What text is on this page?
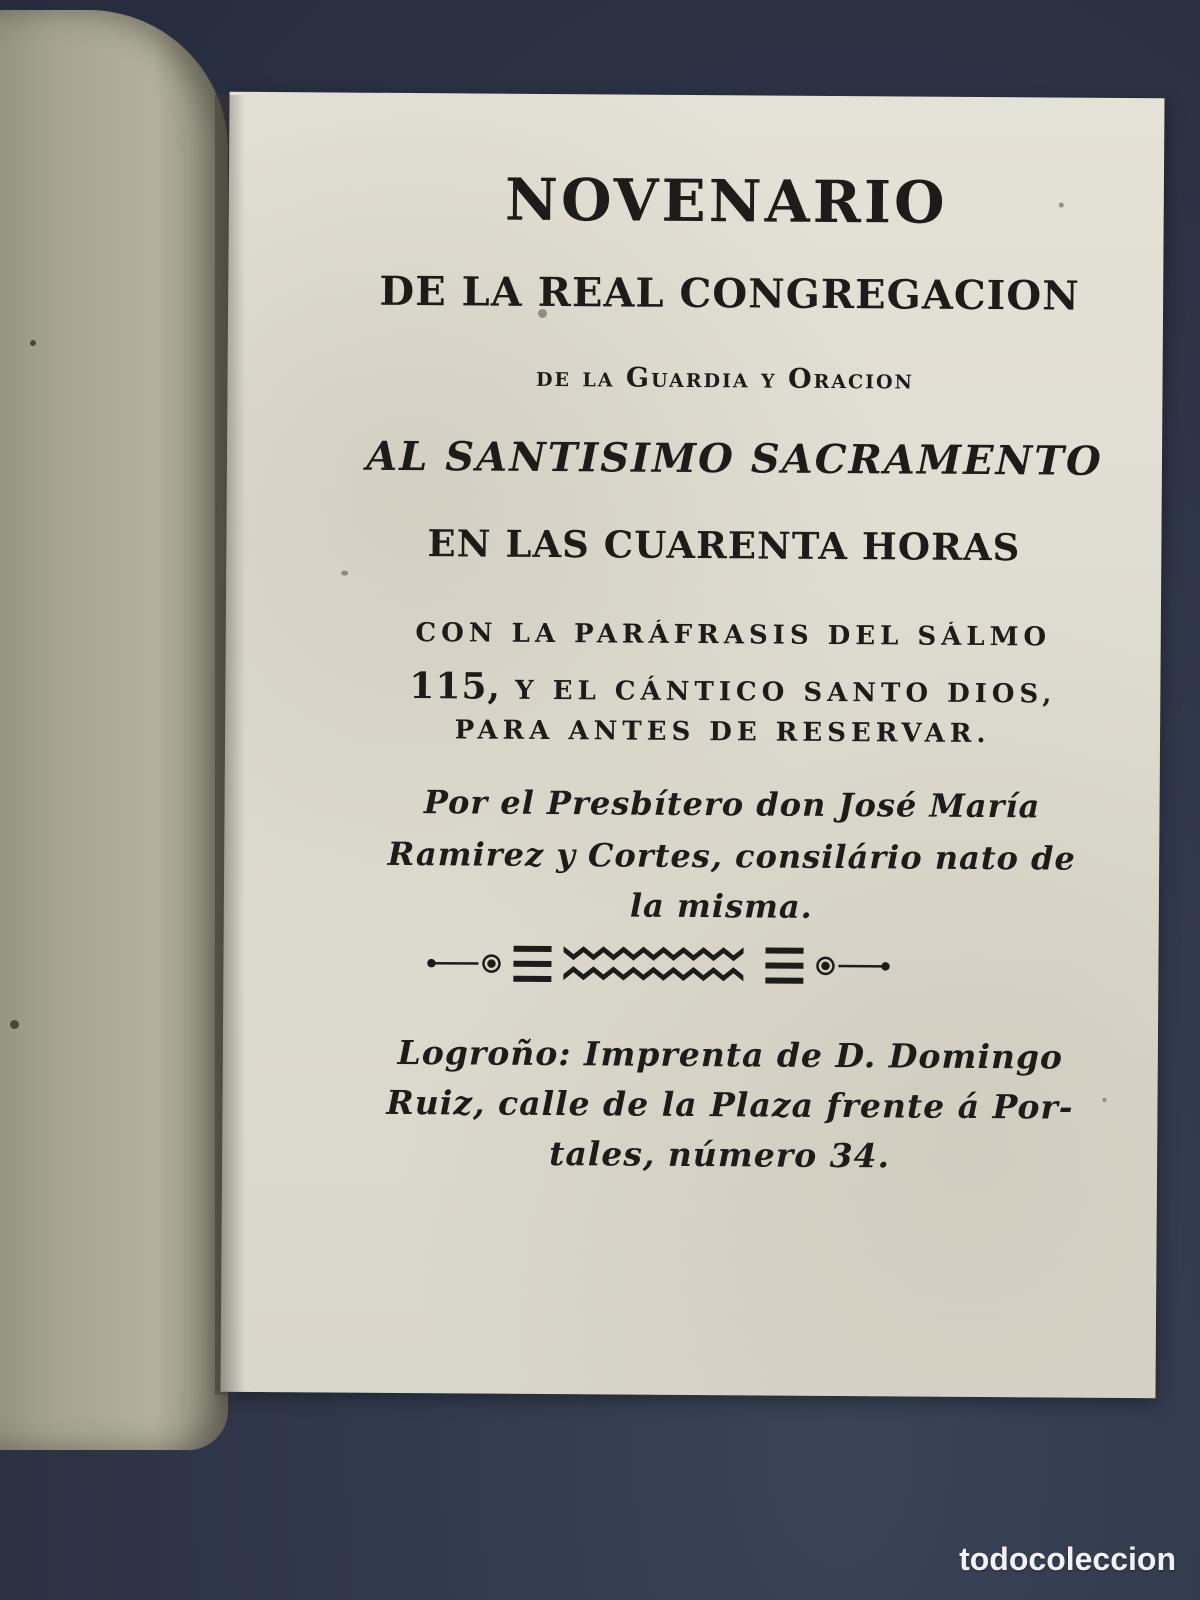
NOVENARIO
DE LA REAL CONGREGACION
de la Guardia y Oracion
AL SANTISIMO SACRAMENTO
EN LAS CUARENTA HORAS
CON LA PARÁFRASIS DEL SÁLMO
115, Y EL CÁNTICO SANTO DIOS,
PARA ANTES DE RESERVAR.
Por el Presbítero don José María
Ramirez y Cortes, consilário nato de
la misma.
Logroño: Imprenta de D. Domingo
Ruiz, calle de la Plaza frente á Por-
tales, número 34.
todocoleccion
